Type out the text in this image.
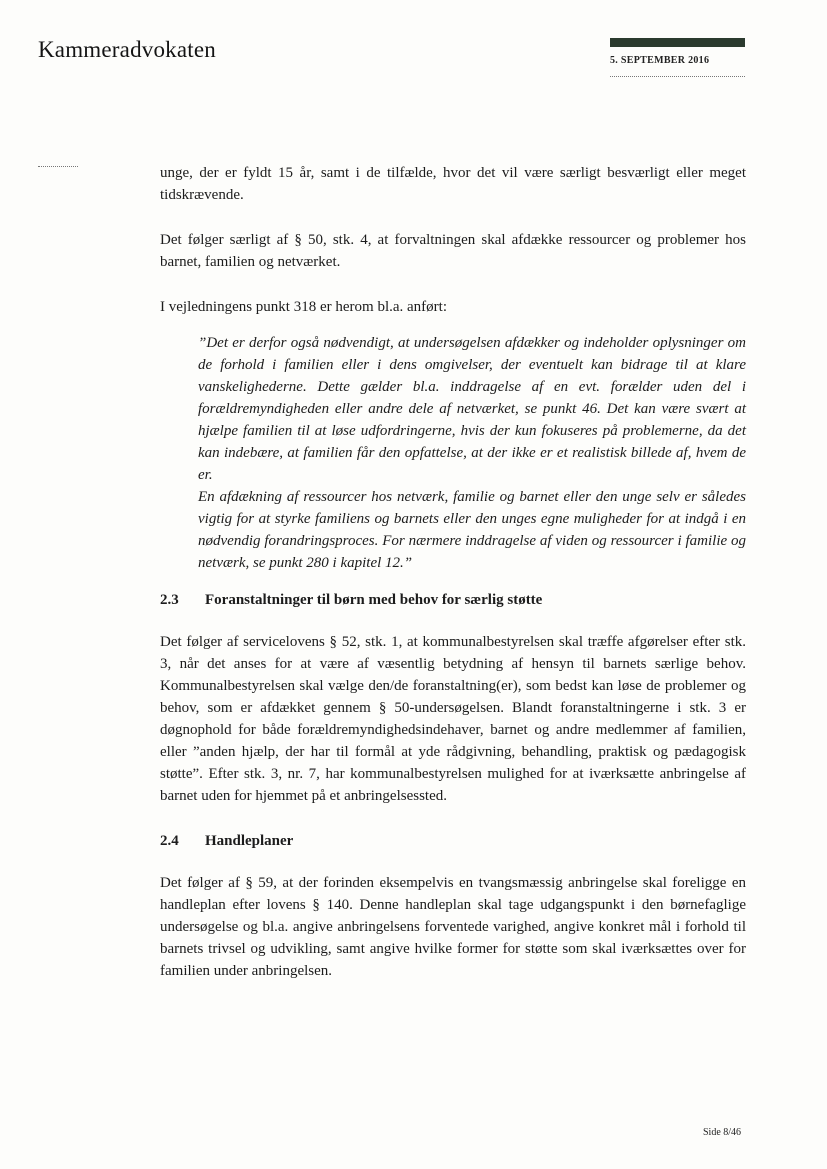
Kammeradvokaten	5. SEPTEMBER 2016

unge, der er fyldt 15 år, samt i de tilfælde, hvor det vil være særligt besværligt eller meget tidskrævende.

Det følger særligt af § 50, stk. 4, at forvaltningen skal afdække ressourcer og problemer hos barnet, familien og netværket.

I vejledningens punkt 318 er herom bl.a. anført:

”Det er derfor også nødvendigt, at undersøgelsen afdækker og indeholder oplysninger om de forhold i familien eller i dens omgivelser, der eventuelt kan bidrage til at klare vanskelighederne. Dette gælder bl.a. inddragelse af en evt. forælder uden del i forældremyndigheden eller andre dele af netværket, se punkt 46. Det kan være svært at hjælpe familien til at løse udfordringerne, hvis der kun fokuseres på problemerne, da det kan indebære, at familien får den opfattelse, at der ikke er et realistisk billede af, hvem de er.

En afdækning af ressourcer hos netværk, familie og barnet eller den unge selv er således vigtig for at styrke familiens og barnets eller den unges egne muligheder for at indgå i en nødvendig forandringsproces. For nærmere inddragelse af viden og ressourcer i familie og netværk, se punkt 280 i kapitel 12.”

2.3	Foranstaltninger til børn med behov for særlig støtte

Det følger af servicelovens § 52, stk. 1, at kommunalbestyrelsen skal træffe afgørelser efter stk. 3, når det anses for at være af væsentlig betydning af hensyn til barnets særlige behov. Kommunalbestyrelsen skal vælge den/de foranstaltning(er), som bedst kan løse de problemer og behov, som er afdækket gennem § 50-undersøgelsen. Blandt foranstaltningerne i stk. 3 er døgnophold for både forældremyndighedsindehaver, barnet og andre medlemmer af familien, eller ”anden hjælp, der har til formål at yde rådgivning, behandling, praktisk og pædagogisk støtte”. Efter stk. 3, nr. 7, har kommunalbestyrelsen mulighed for at iværksætte anbringelse af barnet uden for hjemmet på et anbringelsessted.

2.4	Handleplaner

Det følger af § 59, at der forinden eksempelvis en tvangsmæssig anbringelse skal foreligge en handleplan efter lovens § 140. Denne handleplan skal tage udgangspunkt i den børnefaglige undersøgelse og bl.a. angive anbringelsens forventede varighed, angive konkret mål i forhold til barnets trivsel og udvikling, samt angive hvilke former for støtte som skal iværksættes over for familien under anbringelsen.

Side 8/46
